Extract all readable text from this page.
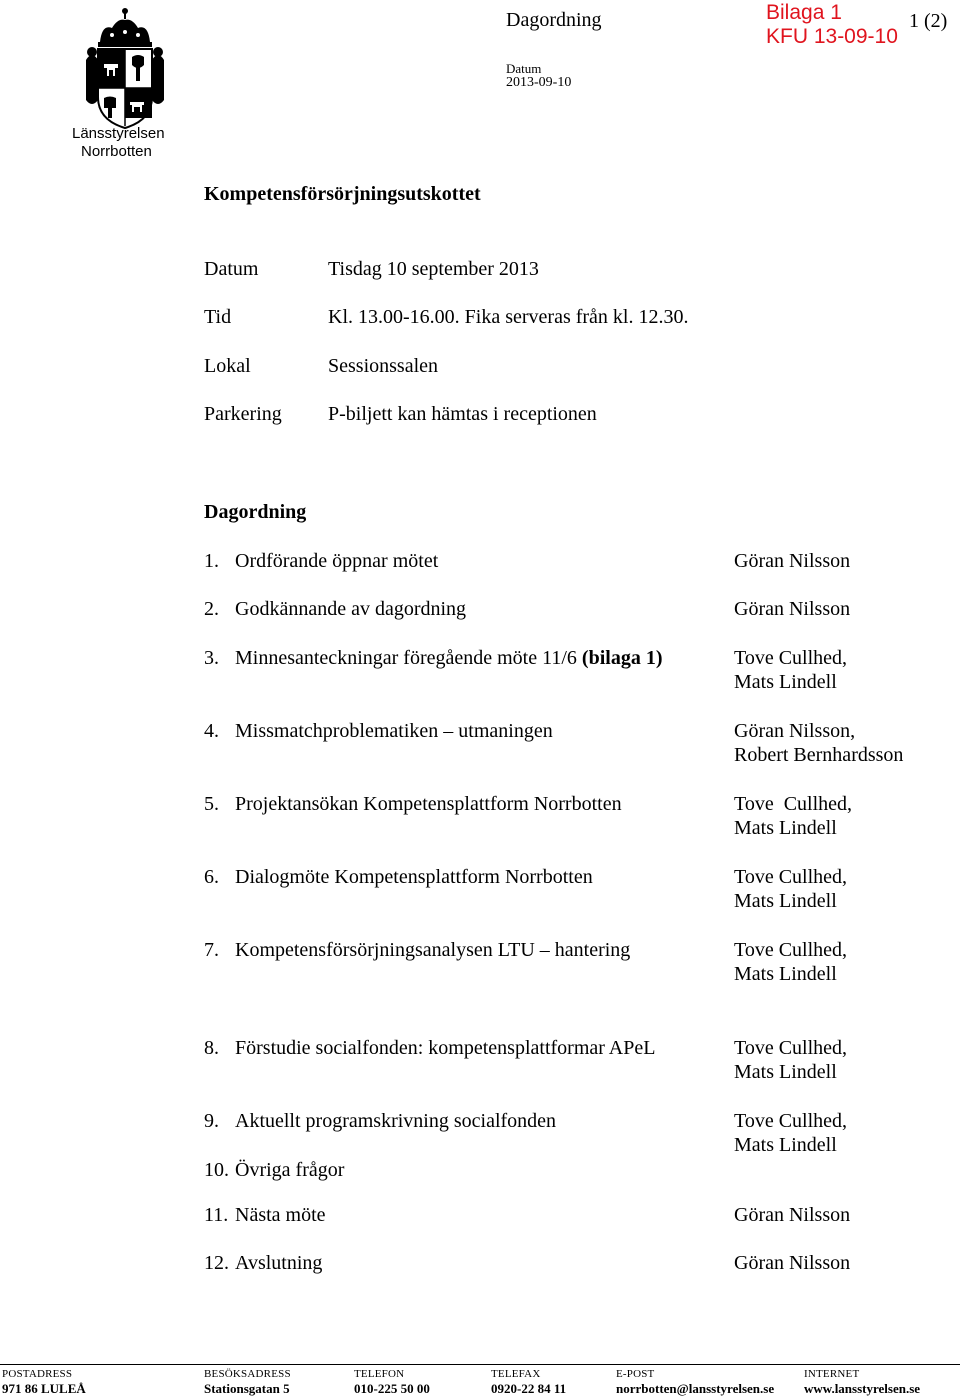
Länsstyrelsen
Norrbotten
Dagordning	Bilaga 1
KFU 13-09-10
1 (2)
Datum
2013-09-10
Kompetensförsörjningsutskottet
Datum	Tisdag 10 september 2013
Tid	Kl. 13.00-16.00. Fika serveras från kl. 12.30.
Lokal	Sessionssalen
Parkering P-biljett kan hämtas i receptionen
Dagordning
1. Ordförande öppnar mötet	Göran Nilsson
2. Godkännande av dagordning	Göran Nilsson
3. Minnesanteckningar föregående möte 11/6 (bilaga 1)	Tove Cullhed,
Mats Lindell
4. Missmatchproblematiken – utmaningen	Göran Nilsson,
Robert Bernhardsson
5. Projektansökan Kompetensplattform Norrbotten	Tove  Cullhed,
Mats Lindell
6. Dialogmöte Kompetensplattform Norrbotten	Tove Cullhed,
Mats Lindell
7. Kompetensförsörjningsanalysen LTU – hantering	Tove Cullhed,
Mats Lindell
8. Förstudie socialfonden: kompetensplattformar APeL	Tove Cullhed,
Mats Lindell
9. Aktuellt programskrivning socialfonden	Tove Cullhed,
Mats Lindell
10. Övriga frågor
11. Nästa möte	Göran Nilsson
12. Avslutning	Göran Nilsson
POSTADRESS
971 86 LULEÅ
BESÖKSADRESS
Stationsgatan 5
TELEFON
010-225 50 00
TELEFAX
0920-22 84 11
E-POST
norrbotten@lansstyrelsen.se
INTERNET
www.lansstyrelsen.se
